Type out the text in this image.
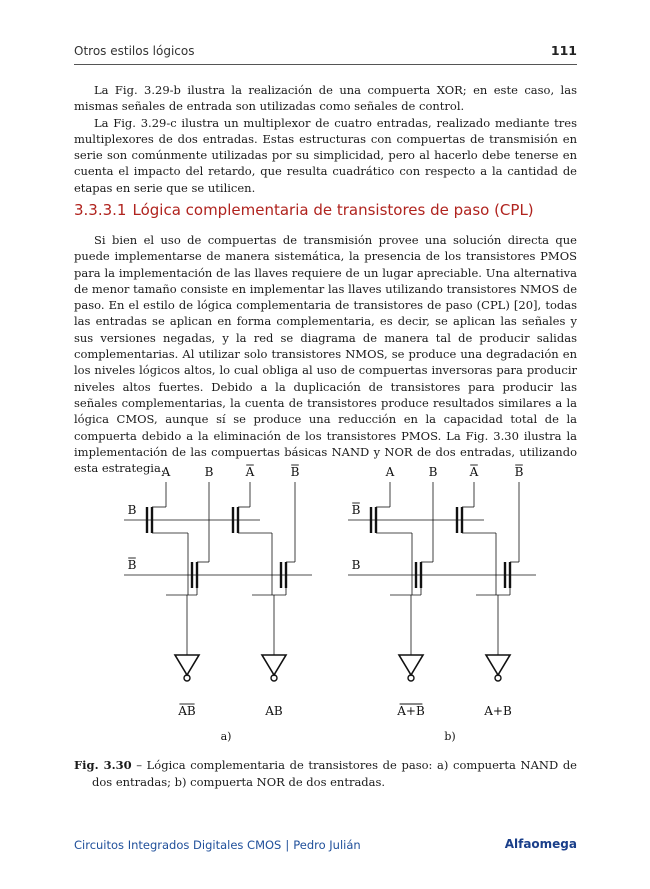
Otros estilos lógicos	111

La Fig. 3.29-b ilustra la realización de una compuerta XOR; en este caso, las mismas señales de entrada son utilizadas como señales de control.

La Fig. 3.29-c ilustra un multiplexor de cuatro entradas, realizado mediante tres multiplexores de dos entradas. Estas estructuras con compuertas de transmisión en serie son comúnmente utilizadas por su simplicidad, pero al hacerlo debe tenerse en cuenta el impacto del retardo, que resulta cuadrático con respecto a la cantidad de etapas en serie que se utilicen.

3.3.3.1 Lógica complementaria de transistores de paso (CPL)

Si bien el uso de compuertas de transmisión provee una solución directa que puede implementarse de manera sistemática, la presencia de los transistores PMOS para la implementación de las llaves requiere de un lugar apreciable. Una alternativa de menor tamaño consiste en implementar las llaves utilizando transistores NMOS de paso. En el estilo de lógica complementaria de transistores de paso (CPL) [20], todas las entradas se aplican en forma complementaria, es decir, se aplican las señales y sus versiones negadas, y la red se diagrama de manera tal de producir salidas complementarias. Al utilizar solo transistores NMOS, se produce una degradación en los niveles lógicos altos, lo cual obliga al uso de compuertas inversoras para producir niveles altos fuertes. Debido a la duplicación de transistores para producir las señales complementarias, la cuenta de transistores produce resultados similares a la lógica CMOS, aunque sí se produce una reducción en la capacidad total de la compuerta debido a la eliminación de los transistores PMOS. La Fig. 3.30 ilustra la implementación de las compuertas básicas NAND y NOR de dos entradas, utilizando esta estrategia.

A	B	A	B
B
B
AB	AB
a)
A	B	A	B
B
B
A+B	A+B
b)
Fig. 3.30 – Lógica complementaria de transistores de paso: a) compuerta NAND de dos entradas; b) compuerta NOR de dos entradas.
Circuitos Integrados Digitales CMOS | Pedro Julián	Alfaomega
